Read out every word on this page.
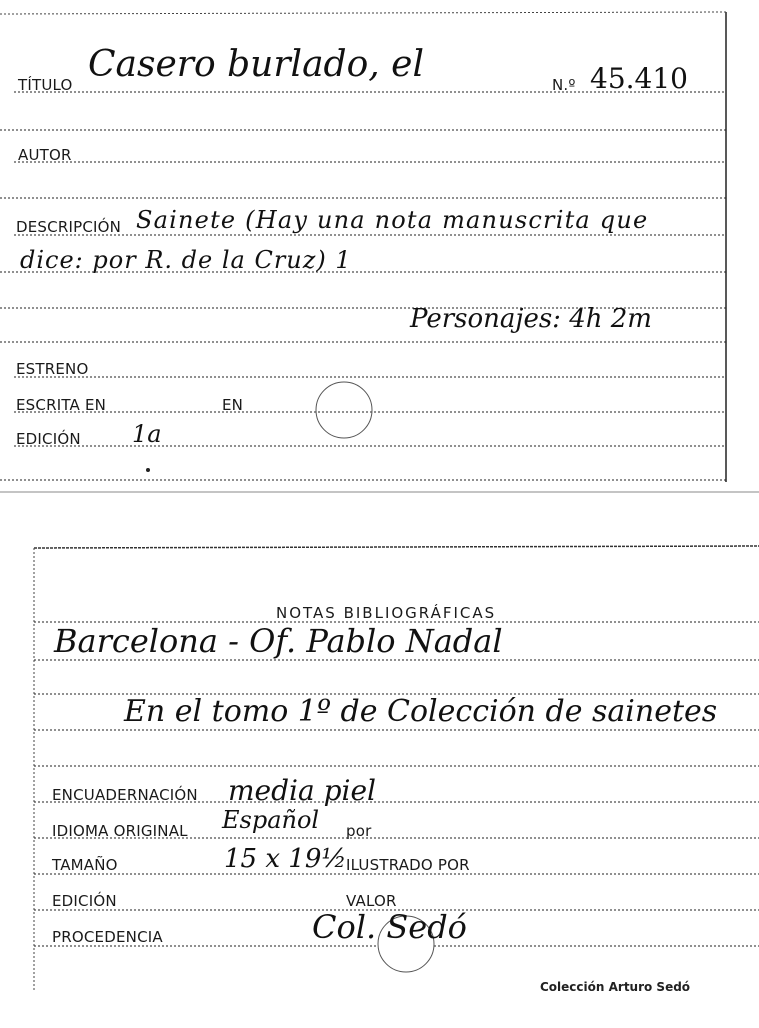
TÍTULO Casero burlado, el	N.º 45.410
AUTOR
DESCRIPCIÓN Sainete (Hay una nota manuscrita que
dice: por R. de la Cruz) 1
Personajes: 4h 2m
ESTRENO
ESCRITA EN	EN
EDICIÓN 1a
NOTAS BIBLIOGRÁFICAS
Barcelona - Of. Pablo Nadal
En el tomo 1º de Colección de sainetes
ENCUADERNACIÓN media piel
IDIOMA ORIGINAL Español por
TAMAÑO	15 x 19½ ILUSTRADO POR
EDICIÓN	VALOR
PROCEDENCIA	Col. Sedó
Colección Arturo Sedó
